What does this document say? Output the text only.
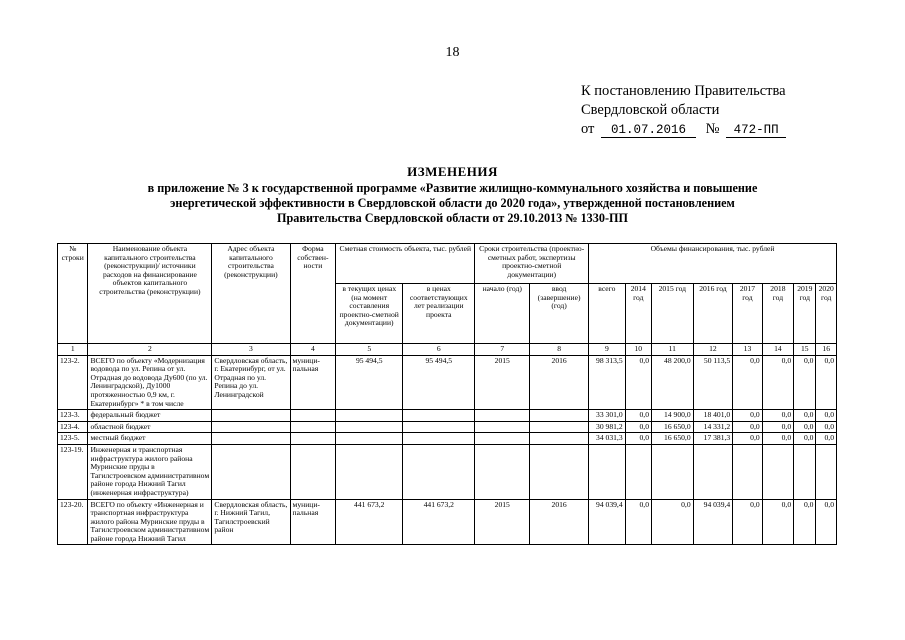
18
К постановлению Правительства
Свердловской области
от 01.07.2016 № 472-ПП
ИЗМЕНЕНИЯ
в приложение № 3 к государственной программе «Развитие жилищно-коммунального хозяйства и повышение
энергетической эффективности в Свердловской области до 2020 года», утвержденной постановлением
Правительства Свердловской области от 29.10.2013 № 1330-ПП
№ строки	Наименование объекта капитального строительства (реконструкции)/ источники расходов на финансирование объектов капитального строительства (реконструкции)	Адрес объекта капитального строительства (реконструкции)	Форма собствен-ности	Сметная стоимость объекта, тыс. рублей		Сроки строительства (проектно-сметных работ, экспертизы проектно-сметной документации)		Объемы финансирования, тыс. рублей							
				в текущих ценах (на момент составления проектно-сметной документации)	в ценах соответствующих лет реализации проекта	начало (год)	ввод (завершение) (год)	всего	2014 год	2015 год	2016 год	2017 год	2018 год	2019 год	2020 год
1	2	3	4	5	6	7	8	9	10	11	12	13	14	15	16
123-2.	ВСЕГО по объекту «Модернизация водовода по ул. Репина от ул. Отрадная до водовода Ду600 (по ул. Ленинградской), Ду1000 протяженностью 0,9 км, г. Екатеринбург» * в том числе	Свердловская область, г. Екатеринбург, от ул. Отрадная по ул. Репина до ул. Ленинградской	муници-пальная	95 494,5	95 494,5	2015	2016	98 313,5	0,0	48 200,0	50 113,5	0,0	0,0	0,0	0,0
123-3.	федеральный бюджет							33 301,0	0,0	14 900,0	18 401,0	0,0	0,0	0,0	0,0
123-4.	областной бюджет							30 981,2	0,0	16 650,0	14 331,2	0,0	0,0	0,0	0,0
123-5.	местный бюджет							34 031,3	0,0	16 650,0	17 381,3	0,0	0,0	0,0	0,0
123-19.	Инженерная и транспортная инфраструктура жилого района Муринские пруды в Тагилстроевском административном районе города Нижний Тагил (инженерная инфраструктура)														
123-20.	ВСЕГО по объекту «Инженерная и транспортная инфраструктура жилого района Муринские пруды в Тагилстроевском административном районе города Нижний Тагил	Свердловская область, г. Нижний Тагил, Тагилстроевский район	муници-пальная	441 673,2	441 673,2	2015	2016	94 039,4	0,0	0,0	94 039,4	0,0	0,0	0,0	0,0
